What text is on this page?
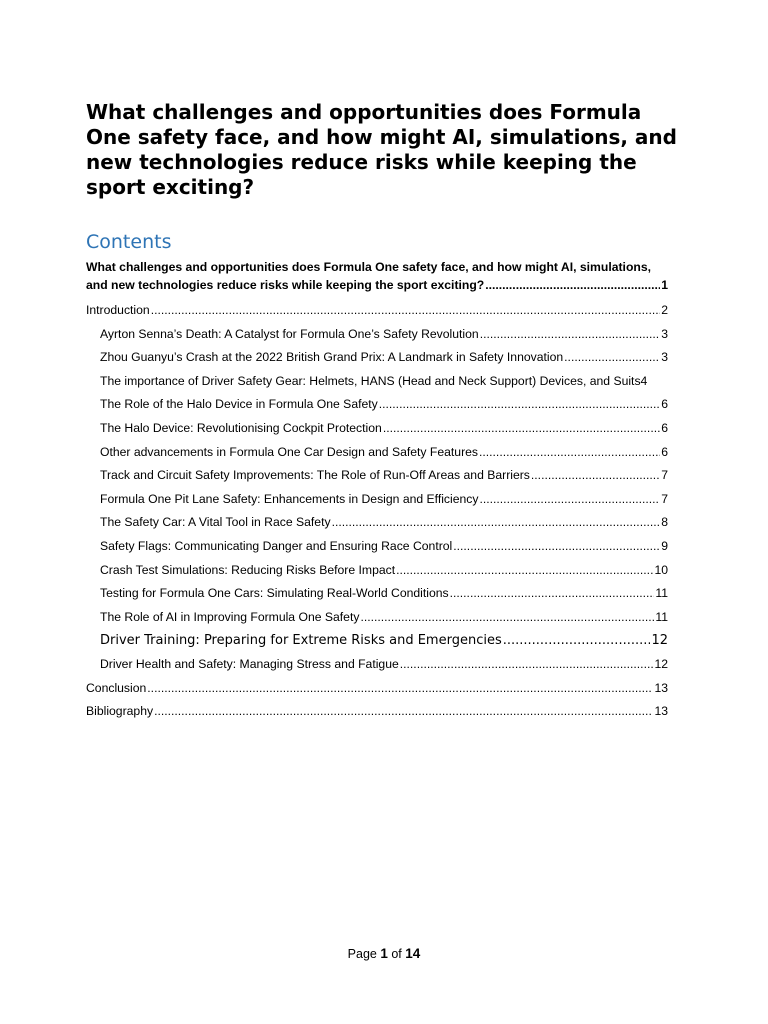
What challenges and opportunities does Formula One safety face, and how might AI, simulations, and new technologies reduce risks while keeping the sport exciting?
Contents
What challenges and opportunities does Formula One safety face, and how might AI, simulations,
and new technologies reduce risks while keeping the sport exciting? .....	1
Introduction .....	2
Ayrton Senna’s Death: A Catalyst for Formula One’s Safety Revolution .....	3
Zhou Guanyu’s Crash at the 2022 British Grand Prix: A Landmark in Safety Innovation .....	3
The importance of Driver Safety Gear: Helmets, HANS (Head and Neck Support) Devices, and Suits 4
The Role of the Halo Device in Formula One Safety .....	6
The Halo Device: Revolutionising Cockpit Protection .....	6
Other advancements in Formula One Car Design and Safety Features .....	6
Track and Circuit Safety Improvements: The Role of Run-Off Areas and Barriers .....	7
Formula One Pit Lane Safety: Enhancements in Design and Efficiency .....	7
The Safety Car: A Vital Tool in Race Safety .....	8
Safety Flags: Communicating Danger and Ensuring Race Control .....	9
Crash Test Simulations: Reducing Risks Before Impact .....	10
Testing for Formula One Cars: Simulating Real-World Conditions .....	11
The Role of AI in Improving Formula One Safety .....	11
Driver Training: Preparing for Extreme Risks and Emergencies .....	12
Driver Health and Safety: Managing Stress and Fatigue .....	12
Conclusion .....	13
Bibliography .....	13
Page 1 of 14
